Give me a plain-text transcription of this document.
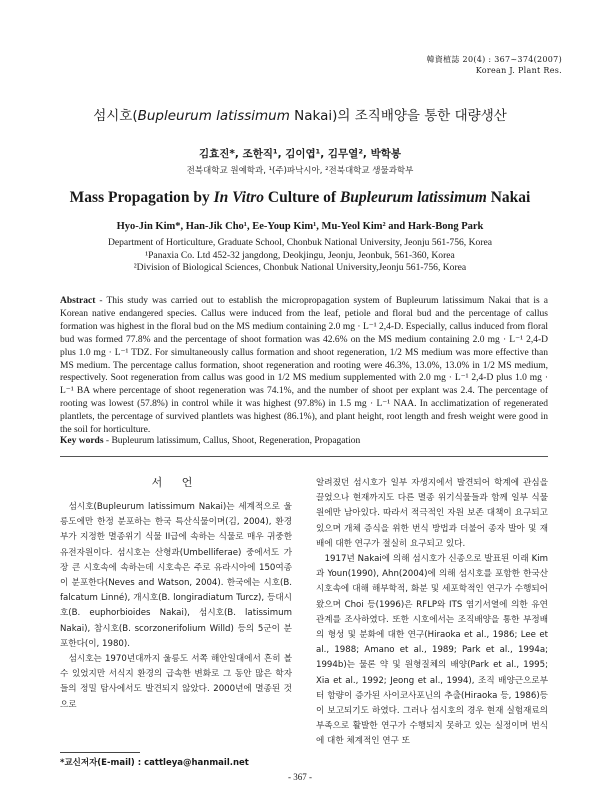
韓資植誌 20(4) : 367~374(2007)
Korean J. Plant Res.
섬시호(Bupleurum latissimum Nakai)의 조직배양을 통한 대량생산
김효진*, 조한직¹, 김이엽¹, 김무열², 박학봉
전북대학교 원예학과, ¹(주)파낙시아, ²전북대학교 생물과학부
Mass Propagation by In Vitro Culture of Bupleurum latissimum Nakai
Hyo-Jin Kim*, Han-Jik Cho¹, Ee-Youp Kim¹, Mu-Yeol Kim² and Hark-Bong Park
Department of Horticulture, Graduate School, Chonbuk National University, Jeonju 561-756, Korea
¹Panaxia Co. Ltd 452-32 jangdong, Deokjingu, Jeonju, Jeonbuk, 561-360, Korea
²Division of Biological Sciences, Chonbuk National University,Jeonju 561-756, Korea
Abstract - This study was carried out to establish the micropropagation system of Bupleurum latissimum Nakai that is a Korean native endangered species. Callus were induced from the leaf, petiole and floral bud and the percentage of callus formation was highest in the floral bud on the MS medium containing 2.0 mg · L⁻¹ 2,4-D. Especially, callus induced from floral bud was formed 77.8% and the percentage of shoot formation was 42.6% on the MS medium containing 2.0 mg · L⁻¹ 2,4-D plus 1.0 mg · L⁻¹ TDZ. For simultaneously callus formation and shoot regeneration, 1/2 MS medium was more effective than MS medium. The percentage callus formation, shoot regeneration and rooting were 46.3%, 13.0%, 13.0% in 1/2 MS medium, respectively. Soot regeneration from callus was good in 1/2 MS medium supplemented with 2.0 mg · L⁻¹ 2,4-D plus 1.0 mg · L⁻¹ BA where percentage of shoot regeneration was 74.1%, and the number of shoot per explant was 2.4. The percentage of rooting was lowest (57.8%) in control while it was highest (97.8%) in 1.5 mg · L⁻¹ NAA. In acclimatization of regenerated plantlets, the percentage of survived plantlets was highest (86.1%), and plant height, root length and fresh weight were good in the soil for horticulture.
Key words - Bupleurum latissimum, Callus, Shoot, Regeneration, Propagation
서 언

섬시호(Bupleurum latissimum Nakai)는 세계적으로 울릉도에만 한정 분포하는 한국 특산식물이며(김, 2004), 환경부가 지정한 멸종위기 식물 II급에 속하는 식물로 매우 귀중한 유전자원이다. 섬시호는 산형과(Umbelliferae) 중에서도 가장 큰 시호속에 속하는데 시호속은 주로 유라시아에 150여종이 분포한다(Neves and Watson, 2004). 한국에는 시호(B. falcatum Linné), 개시호(B. longiradiatum Turcz), 등대시호(B. euphorbioides Nakai), 섬시호(B. latissimum Nakai), 참시호(B. scorzonerifolium Willd) 등의 5군이 분포한다(이, 1980).

섬시호는 1970년대까지 울릉도 서쪽 해안일대에서 흔히 볼 수 있었지만 서식지 환경의 급속한 변화로 그 동안 많은 학자들의 정밀 탐사에서도 발견되지 않았다. 2000년에 멸종된 것으로

알려졌던 섬시호가 일부 자생지에서 발견되어 학계에 관심을 끌었으나 현재까지도 다른 멸종 위기식물들과 함께 일부 식물원에만 남아있다. 따라서 적극적인 자원 보존 대책이 요구되고 있으며 개체 증식을 위한 번식 방법과 더불어 종자 발아 및 재배에 대한 연구가 절실히 요구되고 있다.

1917년 Nakai에 의해 섬시호가 신종으로 발표된 이래 Kim과 Youn(1990), Ahn(2004)에 의해 섬시호를 포함한 한국산 시호속에 대해 해부학적, 화분 및 세포학적인 연구가 수행되어 왔으며 Choi 등(1996)은 RFLP와 ITS 염기서열에 의한 유연관계를 조사하였다. 또한 시호에서는 조직배양을 통한 부정배의 형성 및 분화에 대한 연구(Hiraoka et al., 1986; Lee et al., 1988; Amano et al., 1989; Park et al., 1994a; 1994b)는 물론 약 및 원형질체의 배양(Park et al., 1995; Xia et al., 1992; Jeong et al., 1994), 조직 배양근으로부터 함량이 증가된 사이코사포닌의 추출(Hiraoka 등, 1986)등이 보고되기도 하였다. 그러나 섬시호의 경우 현재 실험재료의 부족으로 활발한 연구가 수행되지 못하고 있는 실정이며 번식에 대한 체계적인 연구 또

*교신저자(E-mail) : cattleya@hanmail.net
- 367 -
